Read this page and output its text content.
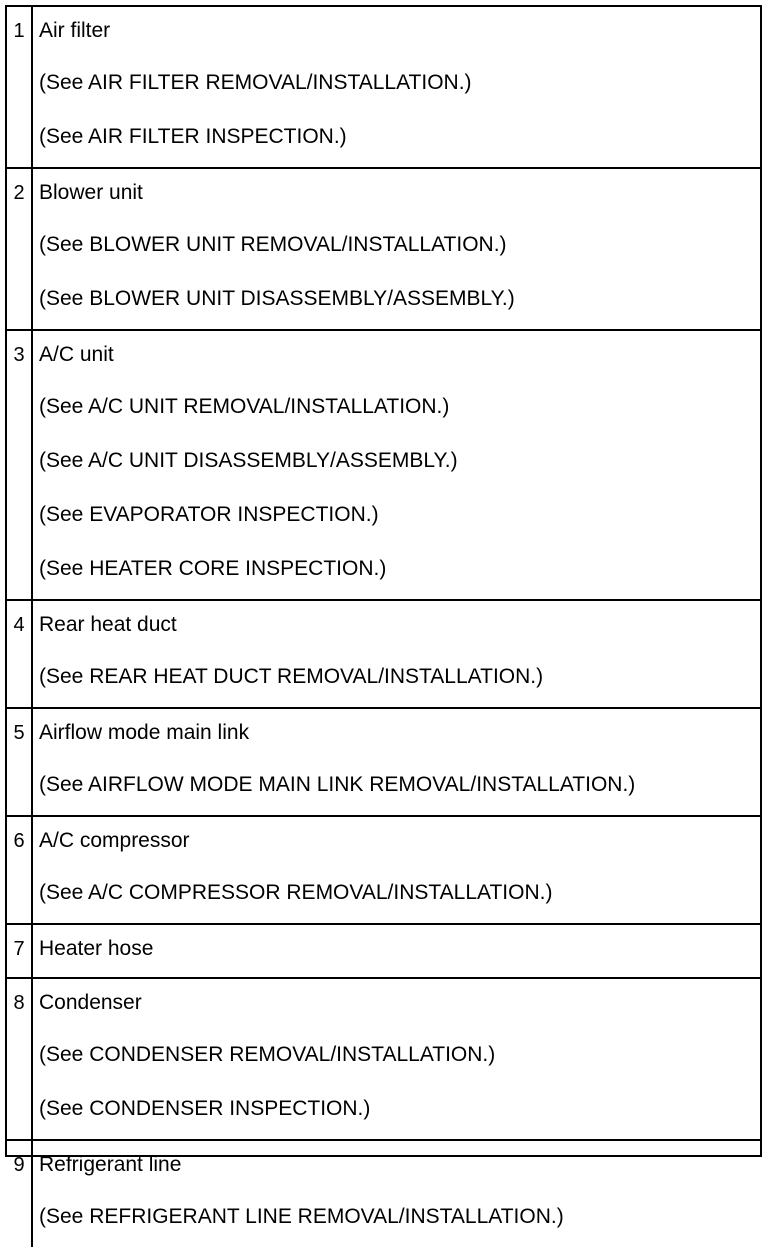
1	Air filter
(See AIR FILTER REMOVAL/INSTALLATION.)
(See AIR FILTER INSPECTION.)

2	Blower unit
(See BLOWER UNIT REMOVAL/INSTALLATION.)
(See BLOWER UNIT DISASSEMBLY/ASSEMBLY.)

3	A/C unit
(See A/C UNIT REMOVAL/INSTALLATION.)
(See A/C UNIT DISASSEMBLY/ASSEMBLY.)
(See EVAPORATOR INSPECTION.)
(See HEATER CORE INSPECTION.)

4	Rear heat duct
(See REAR HEAT DUCT REMOVAL/INSTALLATION.)

5	Airflow mode main link
(See AIRFLOW MODE MAIN LINK REMOVAL/INSTALLATION.)

6	A/C compressor
(See A/C COMPRESSOR REMOVAL/INSTALLATION.)

7	Heater hose

8	Condenser
(See CONDENSER REMOVAL/INSTALLATION.)
(See CONDENSER INSPECTION.)

9	Refrigerant line
(See REFRIGERANT LINE REMOVAL/INSTALLATION.)
